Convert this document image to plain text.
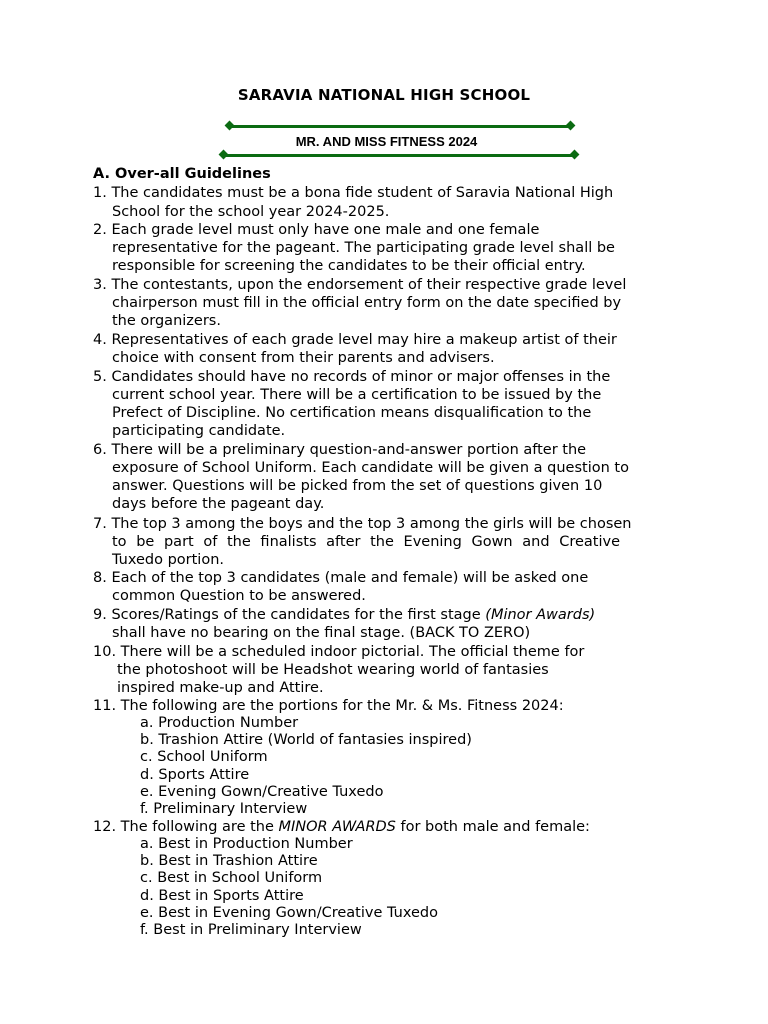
SARAVIA NATIONAL HIGH SCHOOL
MR. AND MISS FITNESS 2024
A. Over-all Guidelines
1. The candidates must be a bona fide student of Saravia National High
School for the school year 2024-2025.
2. Each grade level must only have one male and one female
representative for the pageant. The participating grade level shall be
responsible for screening the candidates to be their official entry.
3. The contestants, upon the endorsement of their respective grade level
chairperson must fill in the official entry form on the date specified by
the organizers.
4. Representatives of each grade level may hire a makeup artist of their
choice with consent from their parents and advisers.
5. Candidates should have no records of minor or major offenses in the
current school year. There will be a certification to be issued by the
Prefect of Discipline. No certification means disqualification to the
participating candidate.
6. There will be a preliminary question-and-answer portion after the
exposure of School Uniform. Each candidate will be given a question to
answer. Questions will be picked from the set of questions given 10
days before the pageant day.
7. The top 3 among the boys and the top 3 among the girls will be chosen
to be part of the finalists after the Evening Gown and Creative
Tuxedo portion.
8. Each of the top 3 candidates (male and female) will be asked one
common Question to be answered.
9. Scores/Ratings of the candidates for the first stage (Minor Awards)
shall have no bearing on the final stage. (BACK TO ZERO)
10. There will be a scheduled indoor pictorial. The official theme for
the photoshoot will be Headshot wearing world of fantasies
inspired make-up and Attire.
11. The following are the portions for the Mr. & Ms. Fitness 2024:
a. Production Number
b. Trashion Attire (World of fantasies inspired)
c. School Uniform
d. Sports Attire
e. Evening Gown/Creative Tuxedo
f. Preliminary Interview
12. The following are the MINOR AWARDS for both male and female:
a. Best in Production Number
b. Best in Trashion Attire
c. Best in School Uniform
d. Best in Sports Attire
e. Best in Evening Gown/Creative Tuxedo
f. Best in Preliminary Interview
